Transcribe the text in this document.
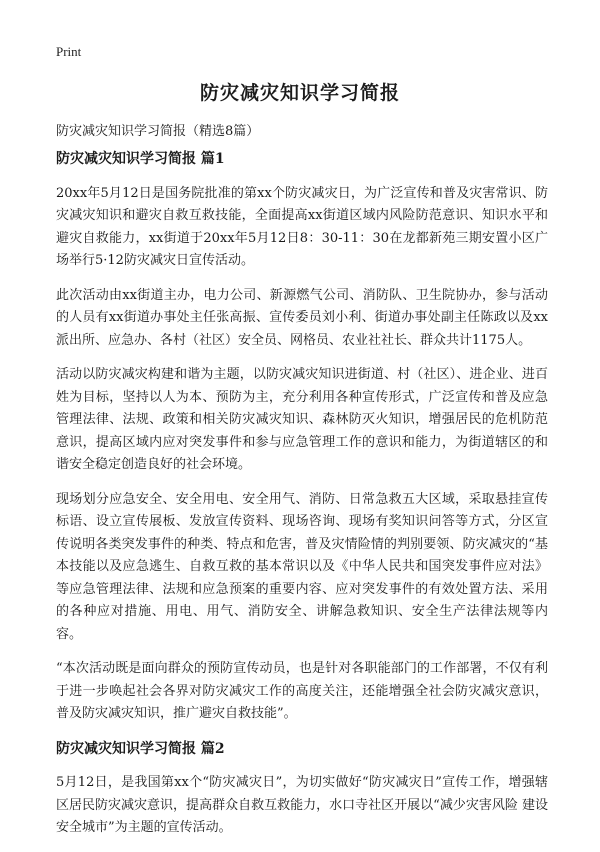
Print
防灾减灾知识学习简报
防灾减灾知识学习简报（精选8篇）
防灾减灾知识学习简报 篇1

20xx年5月12日是国务院批准的第xx个防灾减灾日，为广泛宣传和普及灾害常识、防灾减灾知识和避灾自救互救技能，全面提高xx街道区域内风险防范意识、知识水平和避灾自救能力，xx街道于20xx年5月12日8：30-11：30在龙都新苑三期安置小区广场举行5·12防灾减灾日宣传活动。

此次活动由xx街道主办，电力公司、新源燃气公司、消防队、卫生院协办，参与活动的人员有xx街道办事处主任张高振、宣传委员刘小利、街道办事处副主任陈政以及xx派出所、应急办、各村（社区）安全员、网格员、农业社社长、群众共计1175人。

活动以防灾减灾构建和谐为主题，以防灾减灾知识进街道、村（社区）、进企业、进百姓为目标，坚持以人为本、预防为主，充分利用各种宣传形式，广泛宣传和普及应急管理法律、法规、政策和相关防灾减灾知识、森林防灭火知识，增强居民的危机防范意识，提高区域内应对突发事件和参与应急管理工作的意识和能力，为街道辖区的和谐安全稳定创造良好的社会环境。

现场划分应急安全、安全用电、安全用气、消防、日常急救五大区域，采取悬挂宣传标语、设立宣传展板、发放宣传资料、现场咨询、现场有奖知识问答等方式，分区宣传说明各类突发事件的种类、特点和危害，普及灾情险情的判别要领、防灾减灾的“基本技能以及应急逃生、自救互救的基本常识以及《中华人民共和国突发事件应对法》等应急管理法律、法规和应急预案的重要内容、应对突发事件的有效处置方法、采用的各种应对措施、用电、用气、消防安全、讲解急救知识、安全生产法律法规等内容。

“本次活动既是面向群众的预防宣传动员，也是针对各职能部门的工作部署，不仅有利于进一步唤起社会各界对防灾减灾工作的高度关注，还能增强全社会防灾减灾意识，普及防灾减灾知识，推广避灾自救技能”。

防灾减灾知识学习简报 篇2

5月12日，是我国第xx个“防灾减灾日”，为切实做好“防灾减灾日”宣传工作，增强辖区居民防灾减灾意识，提高群众自救互救能力，水口寺社区开展以“减少灾害风险 建设安全城市”为主题的宣传活动。
